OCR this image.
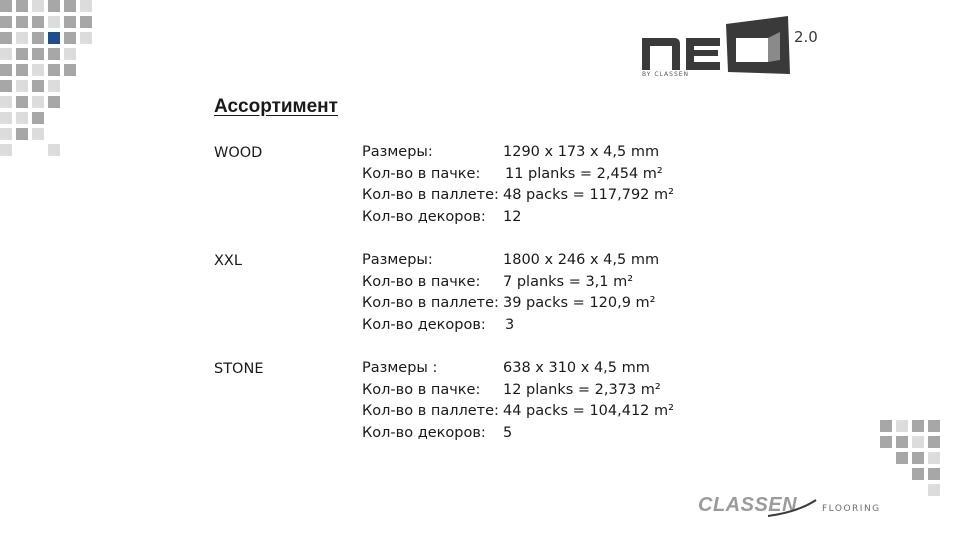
2.0
BY CLASSEN
Ассортимент
WOOD	Размеры:	1290 x 173 x 4,5 mm
Кол-во в пачке: 11 planks = 2,454 m²
Кол-во в паллете: 48 packs = 117,792 m²
Кол-во декоров: 12
XXL	Размеры:	1800 x 246 x 4,5 mm
Кол-во в пачке: 7 planks = 3,1 m²
Кол-во в паллете: 39 packs = 120,9 m²
Кол-во декоров: 3
STONE	Размеры :	638 x 310 x 4,5 mm
Кол-во в пачке: 12 planks = 2,373 m²
Кол-во в паллете: 44 packs = 104,412 m²
Кол-во декоров: 5
CLASSEN	FLOORING
